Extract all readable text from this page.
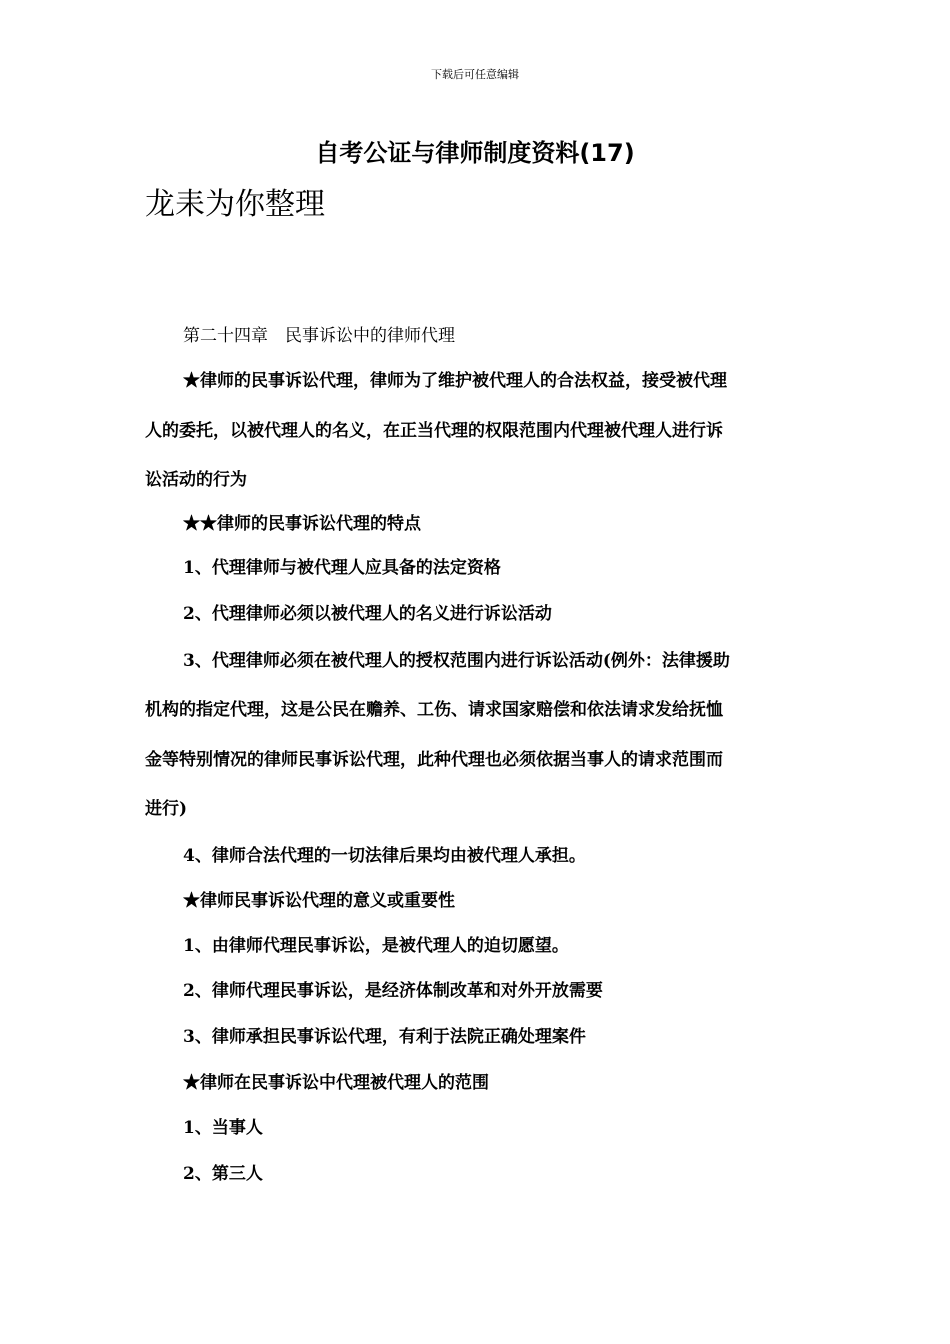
下载后可任意编辑
自考公证与律师制度资料(17)
龙耒为你整理
第二十四章　民事诉讼中的律师代理
★律师的民事诉讼代理，律师为了维护被代理人的合法权益，接受被代理
人的委托，以被代理人的名义，在正当代理的权限范围内代理被代理人进行诉
讼活动的行为
★★律师的民事诉讼代理的特点
1、代理律师与被代理人应具备的法定资格
2、代理律师必须以被代理人的名义进行诉讼活动
3、代理律师必须在被代理人的授权范围内进行诉讼活动(例外：法律援助
机构的指定代理，这是公民在赡养、工伤、请求国家赔偿和依法请求发给抚恤
金等特别情况的律师民事诉讼代理，此种代理也必须依据当事人的请求范围而
进行)
4、律师合法代理的一切法律后果均由被代理人承担。
★律师民事诉讼代理的意义或重要性
1、由律师代理民事诉讼，是被代理人的迫切愿望。
2、律师代理民事诉讼，是经济体制改革和对外开放需要
3、律师承担民事诉讼代理，有利于法院正确处理案件
★律师在民事诉讼中代理被代理人的范围
1、当事人
2、第三人
